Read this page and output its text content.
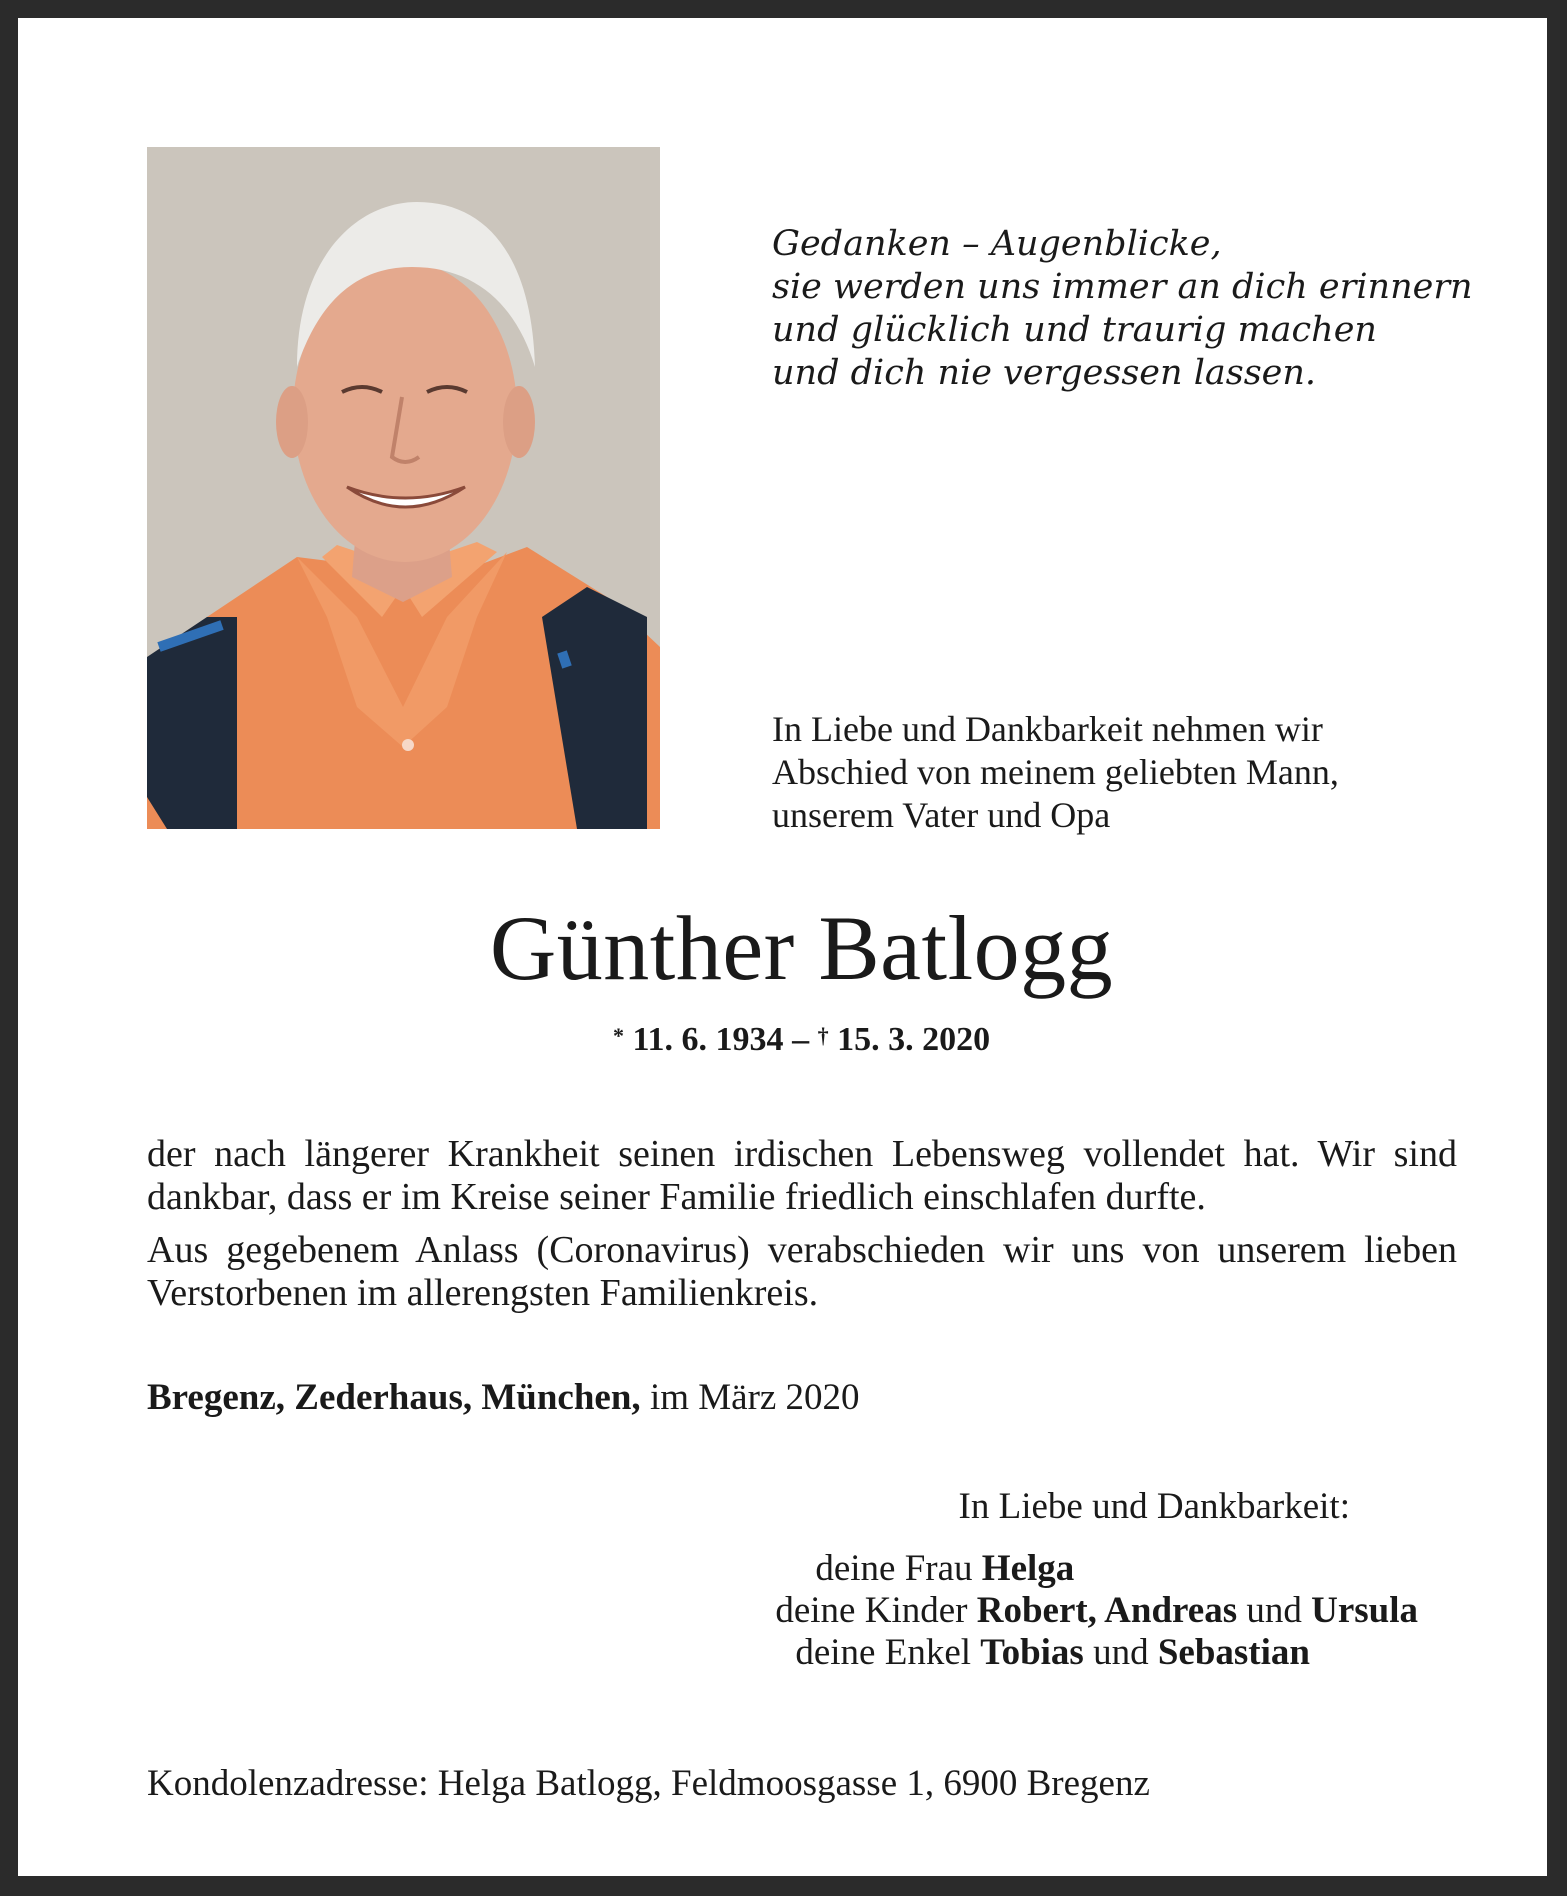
Gedanken – Augenblicke,
sie werden uns immer an dich erinnern
und glücklich und traurig machen
und dich nie vergessen lassen.
In Liebe und Dankbarkeit nehmen wir
Abschied von meinem geliebten Mann,
unserem Vater und Opa
Günther Batlogg
* 11. 6. 1934 – † 15. 3. 2020

der nach längerer Krankheit seinen irdischen Lebensweg vollendet hat. Wir sind dankbar, dass er im Kreise seiner Familie friedlich einschlafen durfte.

Aus gegebenem Anlass (Coronavirus) verabschieden wir uns von unserem lieben Verstorbenen im allerengsten Familienkreis.

Bregenz, Zederhaus, München, im März 2020
In Liebe und Dankbarkeit:
deine Frau Helga
deine Kinder Robert, Andreas und Ursula
deine Enkel Tobias und Sebastian
Kondolenzadresse: Helga Batlogg, Feldmoosgasse 1, 6900 Bregenz
